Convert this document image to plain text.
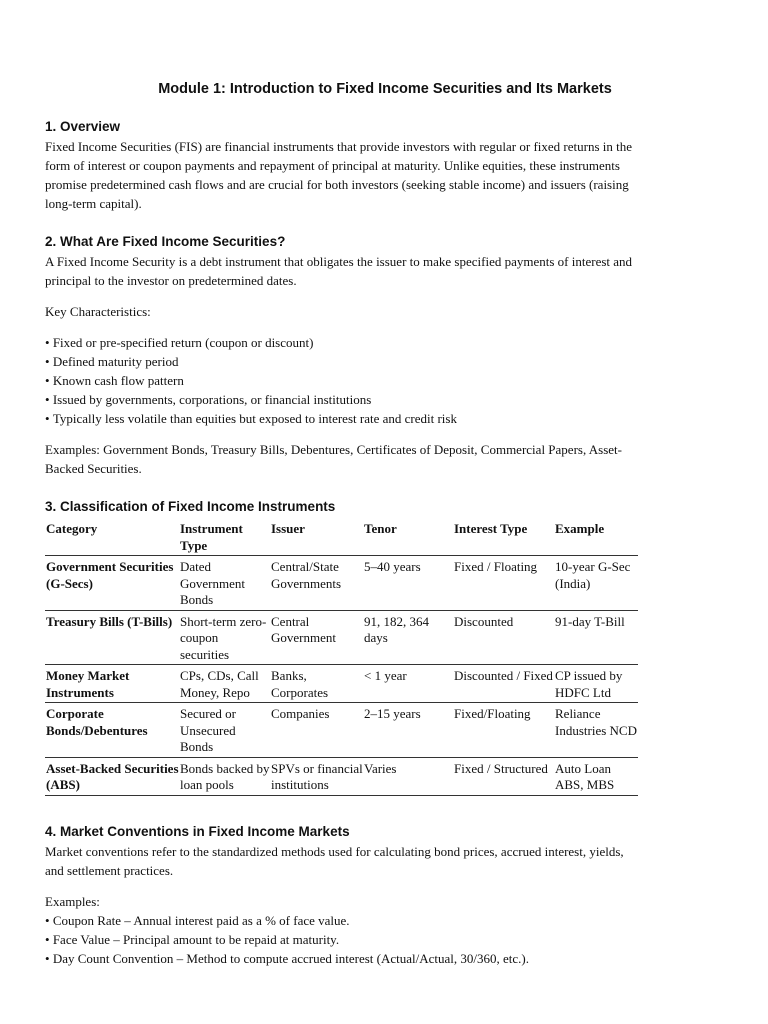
Module 1: Introduction to Fixed Income Securities and Its Markets
1. Overview

Fixed Income Securities (FIS) are financial instruments that provide investors with regular or fixed returns in the
form of interest or coupon payments and repayment of principal at maturity. Unlike equities, these instruments
promise predetermined cash flows and are crucial for both investors (seeking stable income) and issuers (raising
long-term capital).

2. What Are Fixed Income Securities?

A Fixed Income Security is a debt instrument that obligates the issuer to make specified payments of interest and
principal to the investor on predetermined dates.

Key Characteristics:

• Fixed or pre-specified return (coupon or discount)
• Defined maturity period
• Known cash flow pattern
• Issued by governments, corporations, or financial institutions
• Typically less volatile than equities but exposed to interest rate and credit risk

Examples: Government Bonds, Treasury Bills, Debentures, Certificates of Deposit, Commercial Papers, Asset-
Backed Securities.

3. Classification of Fixed Income Instruments
Category	Instrument Type	Issuer	Tenor	Interest Type	Example
Government Securities (G-Secs)	Dated Government Bonds	Central/State Governments	5–40 years	Fixed / Floating	10-year G-Sec (India)
Treasury Bills (T-Bills)	Short-term zero-coupon securities	Central Government	91, 182, 364 days	Discounted	91-day T-Bill
Money Market Instruments	CPs, CDs, Call Money, Repo	Banks, Corporates	< 1 year	Discounted / Fixed	CP issued by HDFC Ltd
Corporate Bonds/Debentures	Secured or Unsecured Bonds	Companies	2–15 years	Fixed/Floating	Reliance Industries NCD
Asset-Backed Securities (ABS)	Bonds backed by loan pools	SPVs or financial institutions	Varies	Fixed / Structured	Auto Loan ABS, MBS
4. Market Conventions in Fixed Income Markets

Market conventions refer to the standardized methods used for calculating bond prices, accrued interest, yields,
and settlement practices.

Examples:

• Coupon Rate – Annual interest paid as a % of face value.
• Face Value – Principal amount to be repaid at maturity.
• Day Count Convention – Method to compute accrued interest (Actual/Actual, 30/360, etc.).
